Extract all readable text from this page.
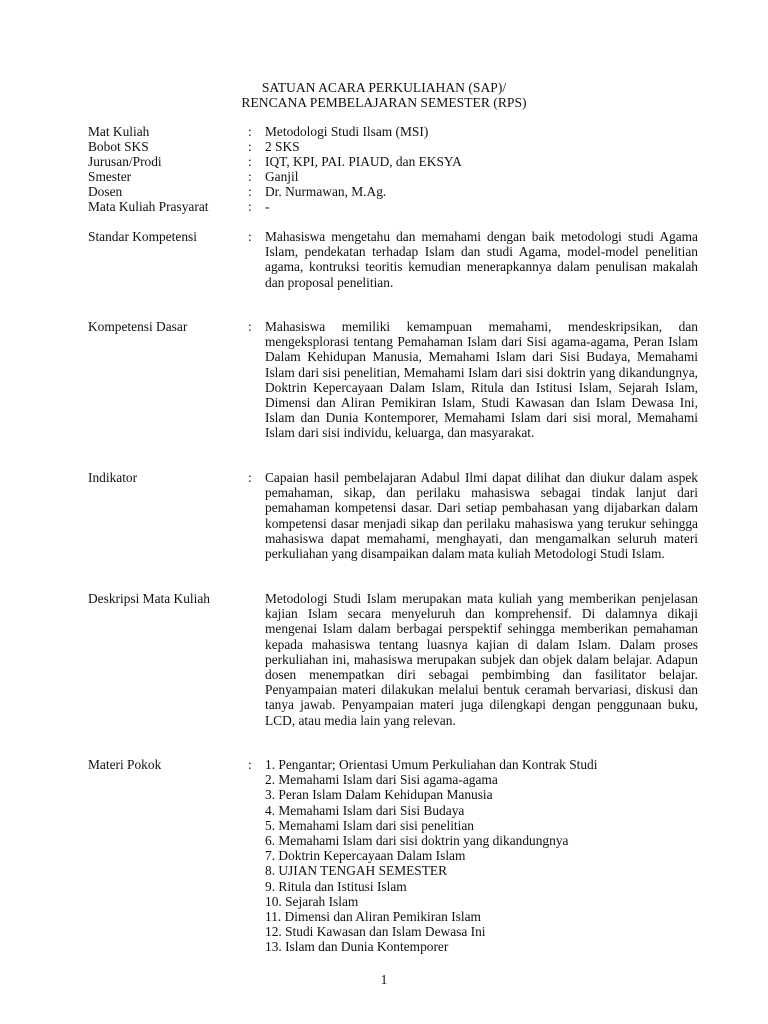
SATUAN ACARA PERKULIAHAN (SAP)/
RENCANA PEMBELAJARAN SEMESTER (RPS)
Mat Kuliah	: Metodologi Studi Ilsam (MSI)
Bobot SKS	: 2 SKS
Jurusan/Prodi	: IQT, KPI, PAI. PIAUD, dan EKSYA
Smester	: Ganjil
Dosen	: Dr. Nurmawan, M.Ag.
Mata Kuliah Prasyarat	: -
Standar Kompetensi	: Mahasiswa mengetahu dan memahami dengan baik metodologi studi Agama Islam, pendekatan terhadap Islam dan studi Agama, model-model penelitian agama, kontruksi teoritis kemudian menerapkannya dalam penulisan makalah dan proposal penelitian.

Kompetensi Dasar	: Mahasiswa memiliki kemampuan memahami, mendeskripsikan, dan mengeksplorasi tentang Pemahaman Islam dari Sisi agama-agama, Peran Islam Dalam Kehidupan Manusia, Memahami Islam dari Sisi Budaya, Memahami Islam dari sisi penelitian, Memahami Islam dari sisi doktrin yang dikandungnya, Doktrin Kepercayaan Dalam Islam, Ritula dan Istitusi Islam, Sejarah Islam, Dimensi dan Aliran Pemikiran Islam, Studi Kawasan dan Islam Dewasa Ini, Islam dan Dunia Kontemporer, Memahami Islam dari sisi moral, Memahami Islam dari sisi individu, keluarga, dan masyarakat.

Indikator	: Capaian hasil pembelajaran Adabul Ilmi dapat dilihat dan diukur dalam aspek pemahaman, sikap, dan perilaku mahasiswa sebagai tindak lanjut dari pemahaman kompetensi dasar. Dari setiap pembahasan yang dijabarkan dalam kompetensi dasar menjadi sikap dan perilaku mahasiswa yang terukur sehingga mahasiswa dapat memahami, menghayati, dan mengamalkan seluruh materi perkuliahan yang disampaikan dalam mata kuliah Metodologi Studi Islam.

Deskripsi Mata Kuliah	Metodologi Studi Islam merupakan mata kuliah yang memberikan penjelasan kajian Islam secara menyeluruh dan komprehensif. Di dalamnya dikaji mengenai Islam dalam berbagai perspektif sehingga memberikan pemahaman kepada mahasiswa tentang luasnya kajian di dalam Islam. Dalam proses perkuliahan ini, mahasiswa merupakan subjek dan objek dalam belajar. Adapun dosen menempatkan diri sebagai pembimbing dan fasilitator belajar. Penyampaian materi dilakukan melalui bentuk ceramah bervariasi, diskusi dan tanya jawab. Penyampaian materi juga dilengkapi dengan penggunaan buku, LCD, atau media lain yang relevan.

Materi Pokok	: 1. Pengantar; Orientasi Umum Perkuliahan dan Kontrak Studi
2. Memahami Islam dari Sisi agama-agama
3. Peran Islam Dalam Kehidupan Manusia
4. Memahami Islam dari Sisi Budaya
5. Memahami Islam dari sisi penelitian
6. Memahami Islam dari sisi doktrin yang dikandungnya
7. Doktrin Kepercayaan Dalam Islam
8. UJIAN TENGAH SEMESTER
9. Ritula dan Istitusi Islam
10. Sejarah Islam
11. Dimensi dan Aliran Pemikiran Islam
12. Studi Kawasan dan Islam Dewasa Ini
13. Islam dan Dunia Kontemporer

1
